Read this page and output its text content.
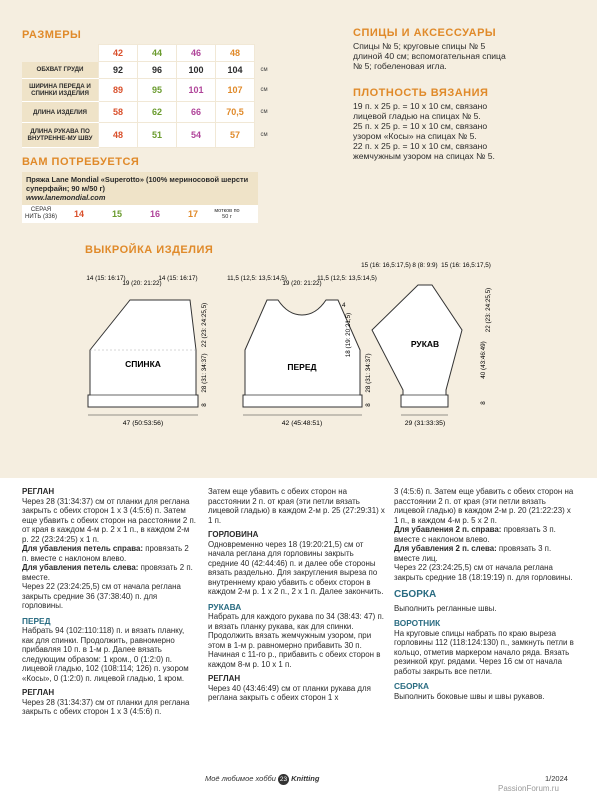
РАЗМЕРЫ
	42	44	46	48	
ОБХВАТ ГРУДИ	92	96	100	104	см
ШИРИНА ПЕРЕДА И СПИНКИ ИЗДЕЛИЯ	89	95	101	107	см
ДЛИНА ИЗДЕЛИЯ	58	62	66	70,5	см
ДЛИНА РУКАВА ПО ВНУТРЕННЕ-МУ ШВУ	48	51	54	57	см
СПИЦЫ И АКСЕССУАРЫ
Спицы № 5; круговые спицы № 5
длиной 40 см; вспомогательная спица
№ 5; гобеленовая игла.
ПЛОТНОСТЬ ВЯЗАНИЯ
19 п. х 25 р. = 10 х 10 см, связано
лицевой гладью на спицах № 5.
25 п. х 25 р. = 10 х 10 см, связано
узором «Косы» на спицах № 5.
22 п. х 25 р. = 10 х 10 см, связано
жемчужным узором на спицах № 5.
ВАМ ПОТРЕБУЕТСЯ
Пряжа Lane Mondial «Superotto» (100% мериносовой шерсти
суперфайн; 90 м/50 г)
www.lanemondial.com
СЕРАЯ НИТЬ (336)	14	15	16	17	мотков по 50 г
ВЫКРОЙКА ИЗДЕЛИЯ
СПИНКА
14 (15: 16:17)
19 (20: 21:22)
14 (15: 16:17)
22 (23: 24:25,5)
28 (31: 34:37)
8
47 (50:53:56)
ПЕРЕД
11,5 (12,5: 13,5:14,5)
19 (20: 21:22)
11,5 (12,5: 13,5:14,5)
18 (19: 20:21,5)
4
28 (31: 34:37)
8
42 (45:48:51)
РУКАВ
15 (16: 16,5:17,5) 8 (8: 9:9) 15 (16: 16,5:17,5)
22 (23: 24:25,5)
40 (43:46:49)
8
29 (31:33:35)

РЕГЛАН

Через 28 (31:34:37) см от планки для реглана закрыть с обеих сторон 1 х 3 (4:5:6) п. Затем еще убавить с обеих сторон на расстоянии 2 п. от края в каждом 4-м р. 2 х 1 п., в каждом 2-м р. 22 (23:24:25) х 1 п.

Для убавления петель справа: провязать 2 п. вместе с наклоном влево.

Для убавления петель слева: провязать 2 п. вместе.

Через 22 (23:24:25,5) см от начала реглана закрыть средние 36 (37:38:40) п. для горловины.

ПЕРЕД

Набрать 94 (102:110:118) п. и вязать планку, как для спинки. Продолжить, равномерно прибавляя 10 п. в 1-м р. Далее вязать следующим образом: 1 кром., 0 (1:2:0) п. лицевой гладью, 102 (108:114; 126) п. узором «Косы», 0 (1:2:0) п. лицевой гладью, 1 кром.

РЕГЛАН

Через 28 (31:34:37) см от планки для реглана закрыть с обеих сторон 1 х 3 (4:5:6) п.

Затем еще убавить с обеих сторон на расстоянии 2 п. от края (эти петли вязать лицевой гладью) в каждом 2-м р. 25 (27:29:31) х 1 п.

ГОРЛОВИНА

Одновременно через 18 (19:20:21,5) см от начала реглана для горловины закрыть средние 40 (42:44:46) п. и далее обе стороны вязать раздельно. Для закругления выреза по внутреннему краю убавить с обеих сторон в каждом 2-м р. 1 х 2 п., 2 х 1 п. Далее закончить.

РУКАВА

Набрать для каждого рукава по 34 (38:43: 47) п. и вязать планку рукава, как для спинки. Продолжить вязать жемчужным узором, при этом в 1-м р. равномерно прибавить 30 п. Начиная с 11-го р., прибавить с обеих сторон в каждом 8-м р. 10 х 1 п.

РЕГЛАН

Через 40 (43:46:49) см от планки рукава для реглана закрыть с обеих сторон 1 х

3 (4:5:6) п. Затем еще убавить с обеих сторон на расстоянии 2 п. от края (эти петли вязать лицевой гладью) в каждом 2-м р. 20 (21:22:23) х 1 п., в каждом 4-м р. 5 х 2 п.

Для убавления 2 п. справа: провязать 3 п. вместе с наклоном влево.

Для убавления 2 п. слева: провязать 3 п. вместе лиц.

Через 22 (23:24:25,5) см от начала реглана закрыть средние 18 (18:19:19) п. для горловины.

СБОРКА

Выполнить регланные швы.

ВОРОТНИК

На круговые спицы набрать по краю выреза горловины 112 (118:124:130) п., замкнуть петли в кольцо, отметив маркером начало ряда. Вязать резинкой круг. рядами. Через 16 см от начала работы закрыть все петли.

СБОРКА

Выполнить боковые швы и швы рукавов.

Моё любимое хобби 23 Knitting	1/2024
PassionForum.ru
